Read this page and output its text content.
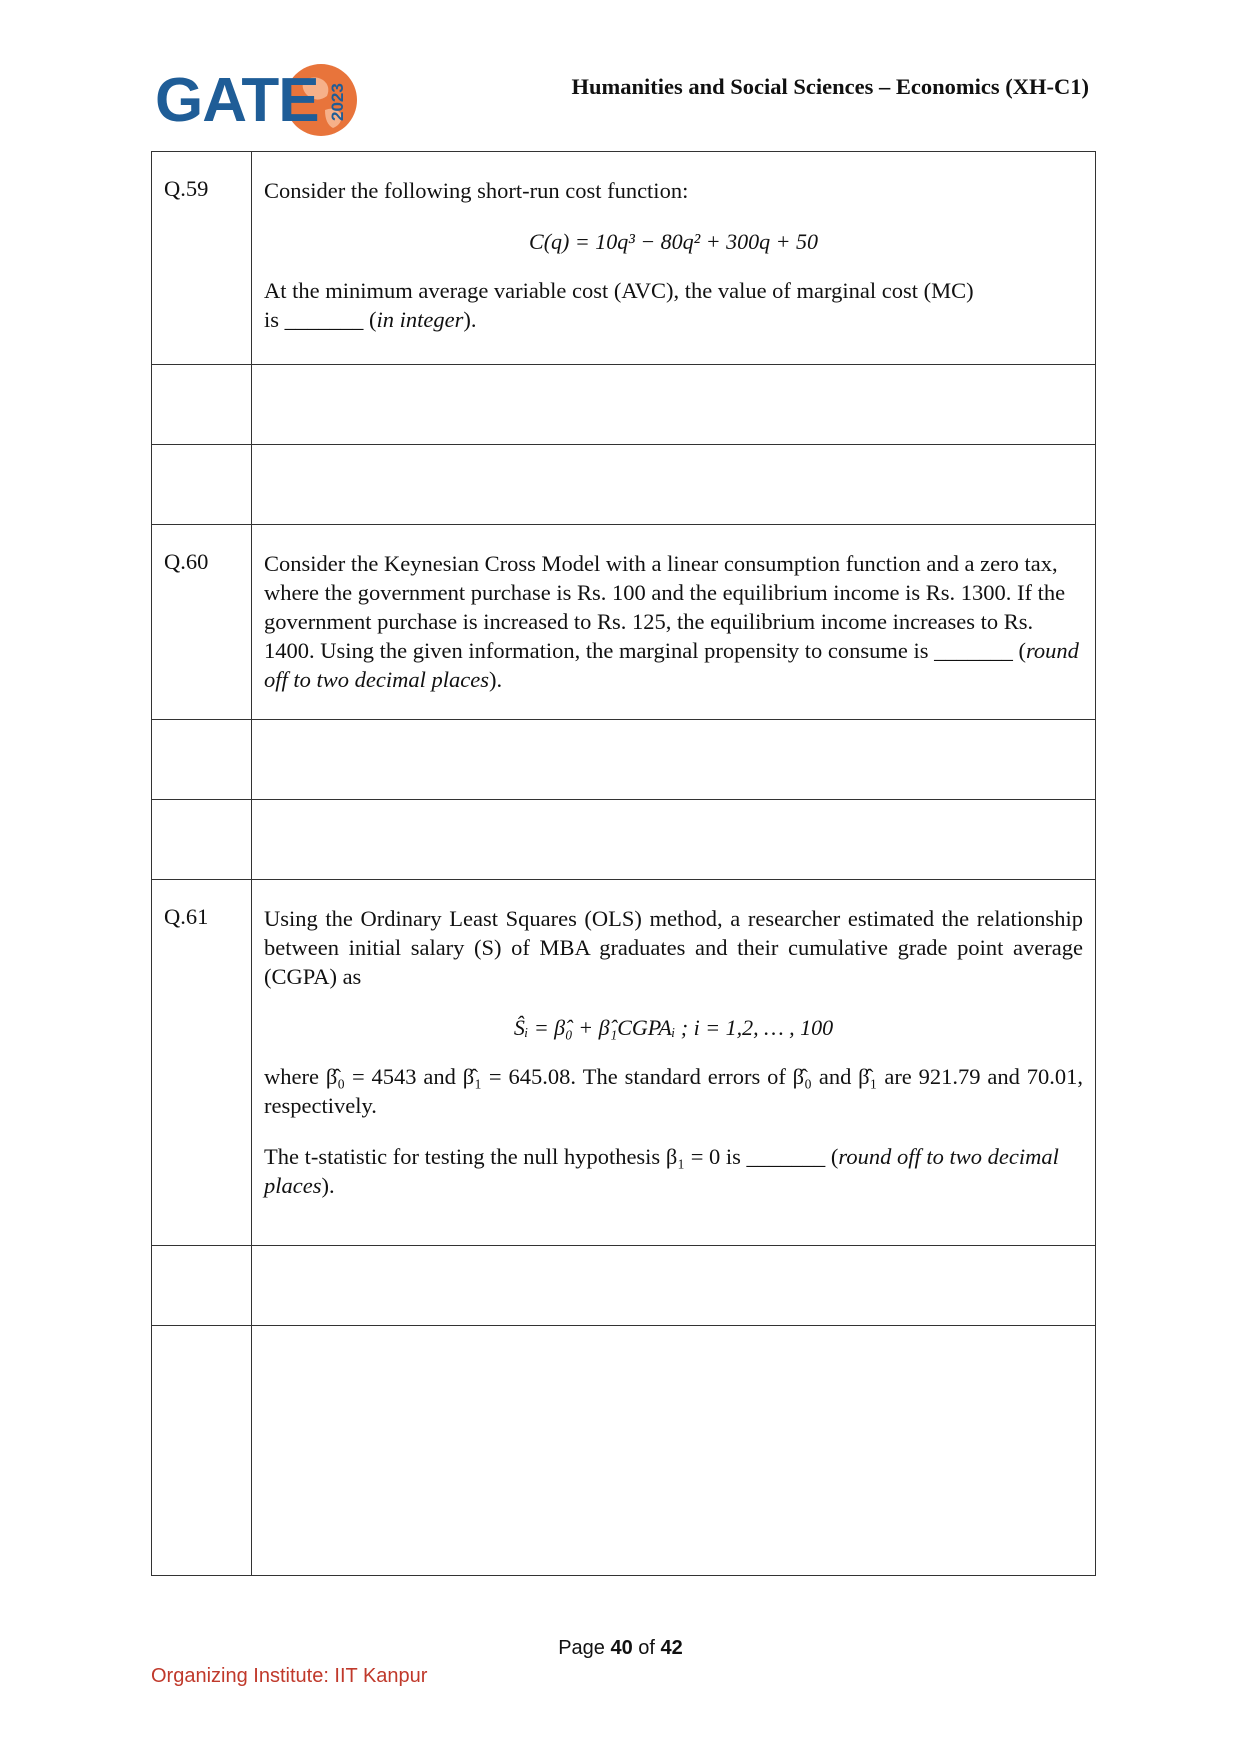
GATE 2023	Humanities and Social Sciences – Economics (XH-C1)
Q.59	Consider the following short-run cost function:

C(q) = 10q³ − 80q² + 300q + 50

At the minimum average variable cost (AVC), the value of marginal cost (MC)
is _______ (in integer).

Q.60	Consider the Keynesian Cross Model with a linear consumption function and a zero tax, where the government purchase is Rs. 100 and the equilibrium income is Rs. 1300. If the government purchase is increased to Rs. 125, the equilibrium income increases to Rs. 1400. Using the given information, the marginal propensity to consume is _______ (round off to two decimal places).

Q.61	Using the Ordinary Least Squares (OLS) method, a researcher estimated the relationship between initial salary (S) of MBA graduates and their cumulative grade point average (CGPA) as

Ŝᵢ = β̂₀ + β̂₁CGPAᵢ ; i = 1,2, … , 100

where β̂₀ = 4543 and β̂₁ = 645.08. The standard errors of β̂₀ and β̂₁ are 921.79 and 70.01, respectively.

The t-statistic for testing the null hypothesis β₁ = 0 is _______ (round off to two decimal places).

Page 40 of 42
Organizing Institute: IIT Kanpur
